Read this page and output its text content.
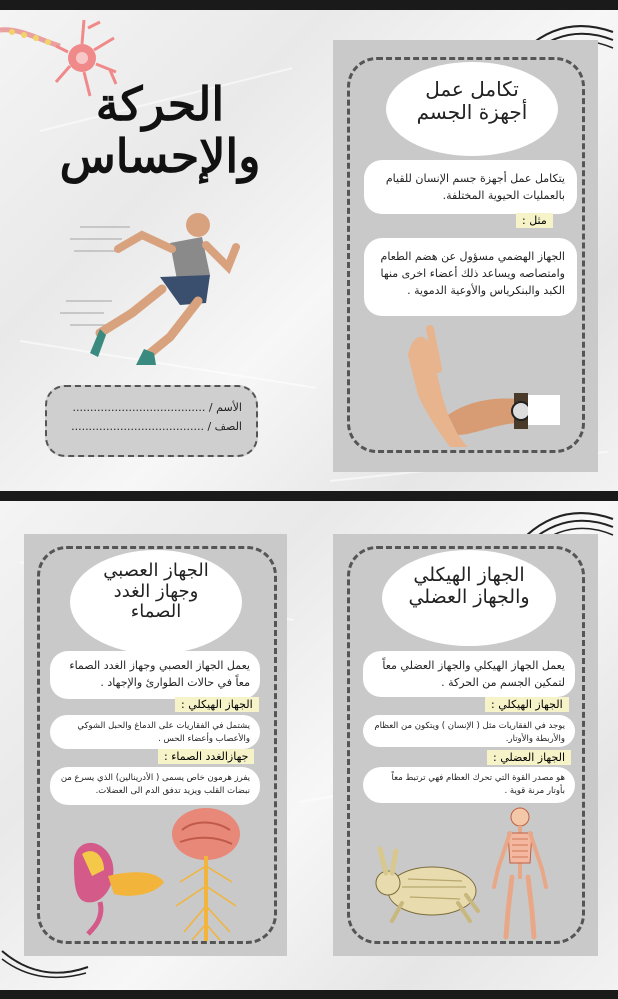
الحركة
والإحساس
الأسم / ......................................
الصف / ......................................
تكامل عمل
أجهزة الجسم

يتكامل عمل أجهزة جسم الإنسان للقيام بالعمليات الحيوية المختلفة.

مثل :

الجهاز الهضمي مسؤول عن هضم الطعام وامتصاصه ويساعد ذلك أعضاء اخرى منها الكبد والبنكرياس والأوعية الدموية .

الجهاز العصبي
وجهاز الغدد
الصماء

يعمل الجهاز العصبي وجهاز الغدد الصماء معاً في حالات الطوارئ والإجهاد .

الجهاز الهيكلي :

يشتمل في الفقاريات على الدماغ والحبل الشوكي والأعصاب وأعضاء الحس .

جهازالغدد الصماء :

يفرز هرمون خاص يسمى ( الأدرينالين) الذي يسرع من نبضات القلب ويزيد تدفق الدم الى العضلات.

الجهاز الهيكلي
والجهاز العضلي

يعمل الجهاز الهيكلي والجهاز العضلي معاً لتمكين الجسم من الحركة .

الجهاز الهيكلي :

يوجد في الفقاريات مثل ( الإنسان ) ويتكون من العظام والأربطة والأوتار.

الجهاز العضلي :

هو مصدر القوة التي تحرك العظام فهي ترتبط معاً بأوتار مرنة قوية .
